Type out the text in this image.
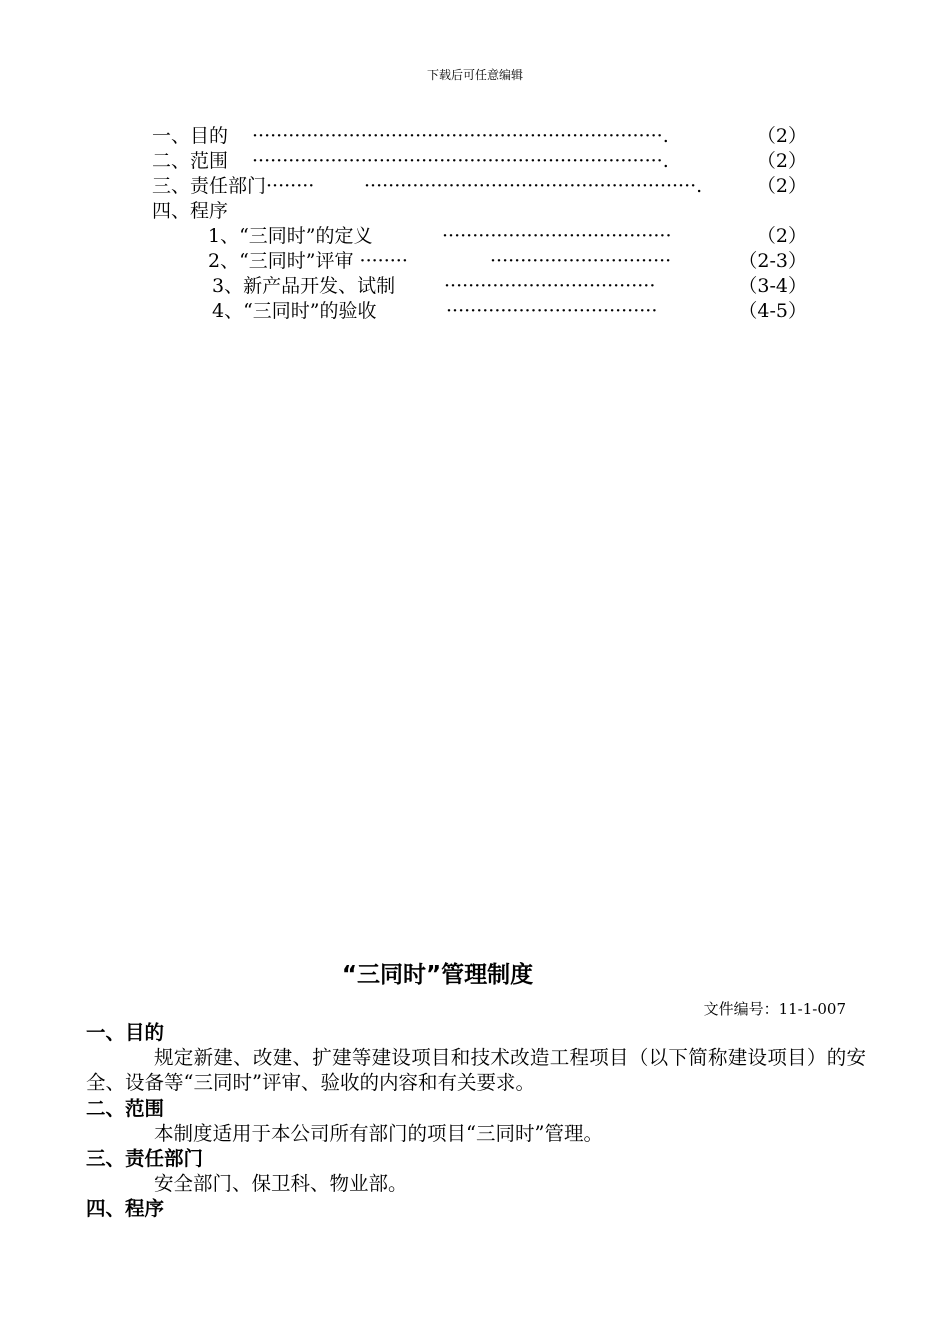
下载后可任意编辑
一、目的 ····································································.	（2）
二、范围 ····································································.	（2）
三、责任部门········	·······················································.	（2）
四、程序
1、“三同时”的定义	······································	（2）
2、“三同时”评审 ········	······························	（2-3）
3、新产品开发、试制	···································	（3-4）
4、“三同时”的验收	···································	（4-5）
“三同时”管理制度
文件编号：11-1-007
一、目的
规定新建、改建、扩建等建设项目和技术改造工程项目（以下简称建设项目）的安全、设备等“三同时”评审、验收的内容和有关要求。
二、范围
本制度适用于本公司所有部门的项目“三同时”管理。
三、责任部门
安全部门、保卫科、物业部。
四、程序
